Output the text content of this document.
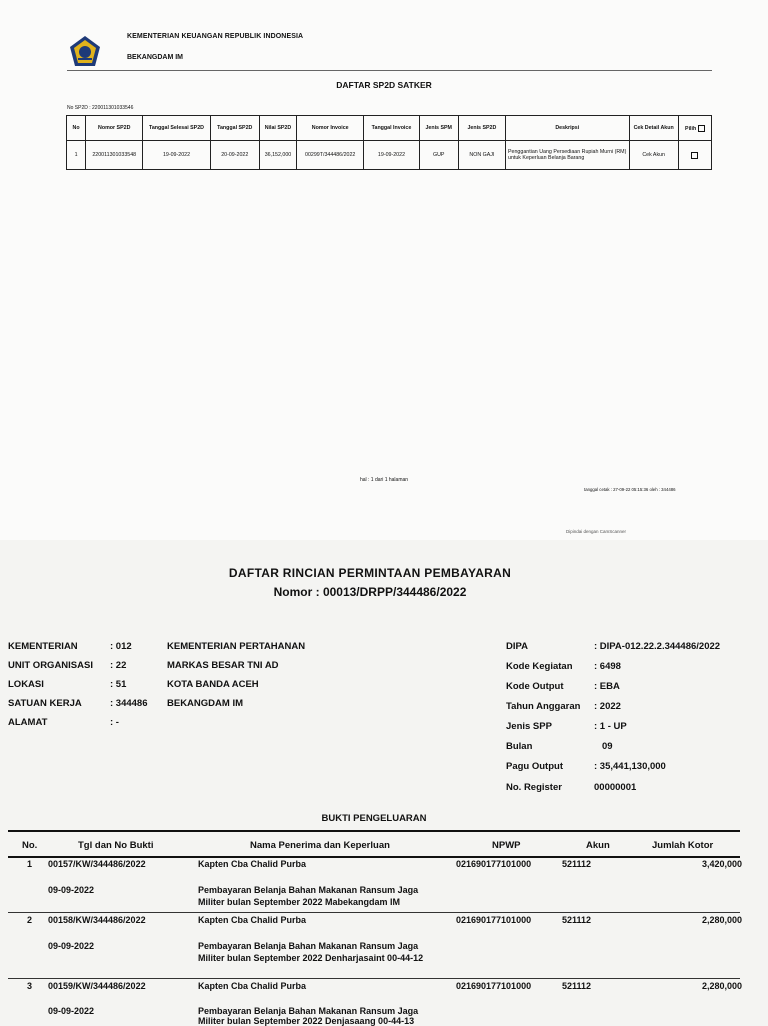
KEMENTERIAN KEUANGAN REPUBLIK INDONESIA
BEKANGDAM IM
DAFTAR SP2D SATKER
No SP2D : 220011301033546
No	Nomor SP2D	Tanggal Selesai SP2D	Tanggal SP2D	Nilai SP2D	Nomor Invoice	Tanggal Invoice	Jenis SPM	Jenis SP2D	Deskripsi	Cek Detail Akun	Pilih
1	220011301033548	19-09-2022	20-09-2022	36,152,000	00299T/344486/2022	19-09-2022	GUP	NON GAJI	Penggantian Uang Persediaan Rupiah Murni (RM) untuk Keperluan Belanja Barang	Cek Akun	
hal : 1 dari 1 halaman
tanggal cetak : 27-09-22 05:15:36 oleh : 344486
Dipindai dengan CamScanner
DAFTAR RINCIAN PERMINTAAN PEMBAYARAN
Nomor : 00013/DRPP/344486/2022
KEMENTERIAN	: 012	KEMENTERIAN PERTAHANAN
UNIT ORGANISASI : 22	MARKAS BESAR TNI AD
LOKASI	: 51	KOTA BANDA ACEH
SATUAN KERJA	: 344486 BEKANGDAM IM
ALAMAT	: -
DIPA	: DIPA-012.22.2.344486/2022
Kode Kegiatan : 6498
Kode Output	: EBA
Tahun Anggaran : 2022
Jenis SPP	: 1 - UP
Bulan	09
Pagu Output	: 35,441,130,000
No. Register	00000001
BUKTI PENGELUARAN
No.	Tgl dan No Bukti	Nama Penerima dan Keperluan	NPWP	Akun	Jumlah Kotor
1 00157/KW/344486/2022
09-09-2022
Kapten Cba Chalid Purba
Pembayaran Belanja Bahan Makanan Ransum Jaga
Militer bulan September 2022 Mabekangdam IM
021690177101000	521112	3,420,000
2 00158/KW/344486/2022
09-09-2022
Kapten Cba Chalid Purba
Pembayaran Belanja Bahan Makanan Ransum Jaga
Militer bulan September 2022 Denharjasaint 00-44-12
021690177101000	521112	2,280,000
3 00159/KW/344486/2022
09-09-2022
Kapten Cba Chalid Purba
Pembayaran Belanja Bahan Makanan Ransum Jaga
Militer bulan September 2022 Denjasaang 00-44-13
021690177101000	521112	2,280,000
